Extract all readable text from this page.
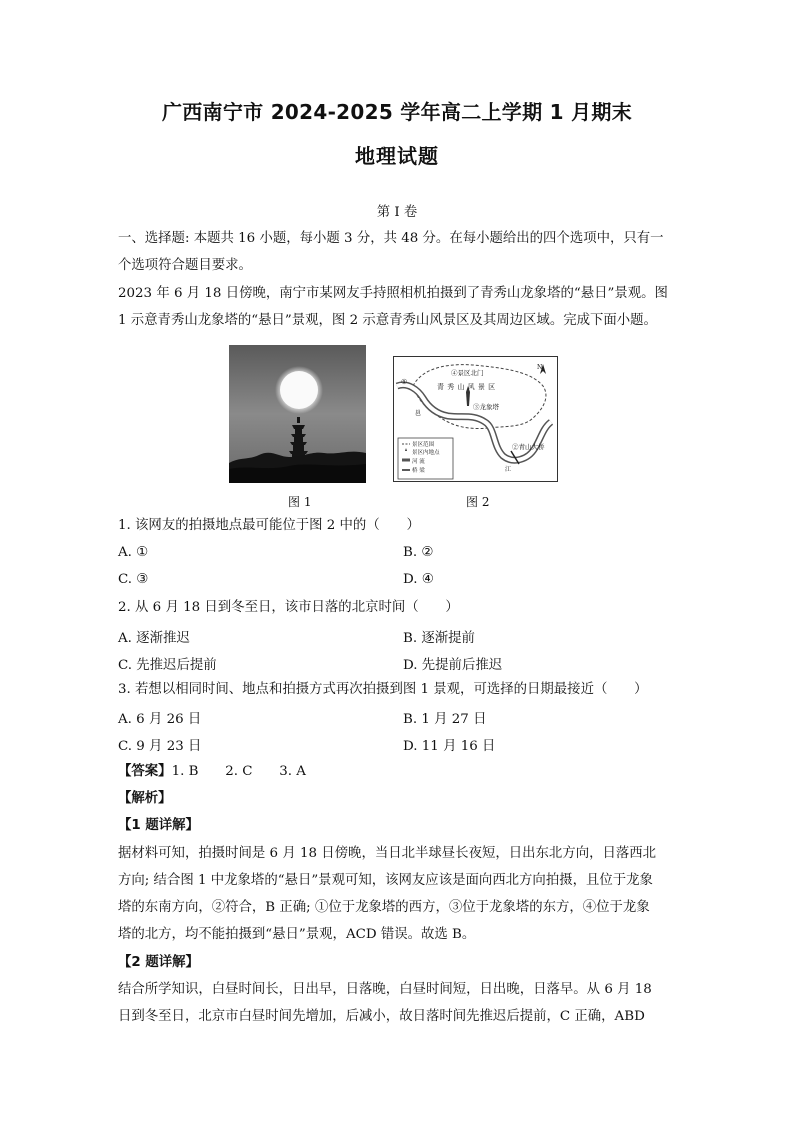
广西南宁市 2024-2025 学年高二上学期 1 月期末
地理试题
第 I 卷
一、选择题: 本题共 16 小题，每小题 3 分，共 48 分。在每小题给出的四个选项中，只有一
个选项符合题目要求。
2023 年 6 月 18 日傍晚，南宁市某网友手持照相机拍摄到了青秀山龙象塔的“悬日”景观。图
1 示意青秀山龙象塔的“悬日”景观，图 2 示意青秀山风景区及其周边区域。完成下面小题。
青 秀 山 风 景 区
N
④景区北门
③龙象塔
②青山大桥
①
邕
江
景区范围
景区内地点
河 流
桥 梁
图 1	图 2
1. 该网友的拍摄地点最可能位于图 2 中的（　　）
A. ①	B. ②
C. ③	D. ④
2. 从 6 月 18 日到冬至日，该市日落的北京时间（　　）
A. 逐渐推迟	B. 逐渐提前
C. 先推迟后提前	D. 先提前后推迟
3. 若想以相同时间、地点和拍摄方式再次拍摄到图 1 景观，可选择的日期最接近（　　）
A. 6 月 26 日	B. 1 月 27 日
C. 9 月 23 日	D. 11 月 16 日
【答案】1. B　　2. C　　3. A
【解析】
【1 题详解】
据材料可知，拍摄时间是 6 月 18 日傍晚，当日北半球昼长夜短，日出东北方向，日落西北
方向; 结合图 1 中龙象塔的“悬日”景观可知，该网友应该是面向西北方向拍摄，且位于龙象
塔的东南方向，②符合，B 正确; ①位于龙象塔的西方，③位于龙象塔的东方，④位于龙象
塔的北方，均不能拍摄到“悬日”景观，ACD 错误。故选 B。
【2 题详解】
结合所学知识，白昼时间长，日出早，日落晚，白昼时间短，日出晚，日落早。从 6 月 18
日到冬至日，北京市白昼时间先增加，后减小，故日落时间先推迟后提前，C 正确，ABD
